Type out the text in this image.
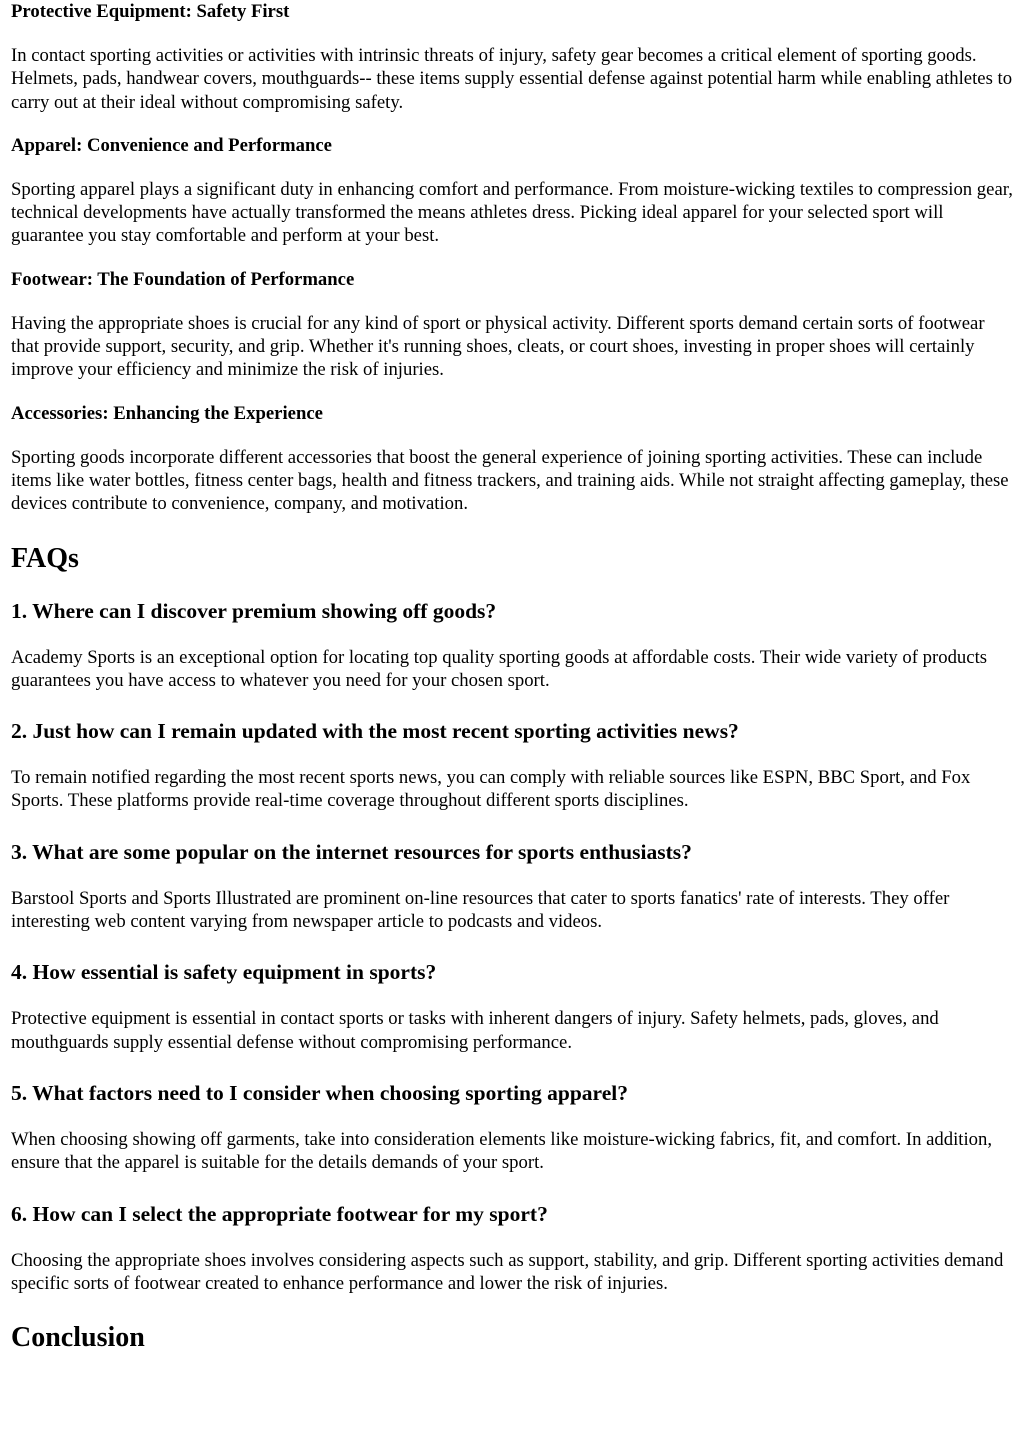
Protective Equipment: Safety First

In contact sporting activities or activities with intrinsic threats of injury, safety gear becomes a critical element of sporting goods. Helmets, pads, handwear covers, mouthguards-- these items supply essential defense against potential harm while enabling athletes to carry out at their ideal without compromising safety.

Apparel: Convenience and Performance

Sporting apparel plays a significant duty in enhancing comfort and performance. From moisture-wicking textiles to compression gear, technical developments have actually transformed the means athletes dress. Picking ideal apparel for your selected sport will guarantee you stay comfortable and perform at your best.

Footwear: The Foundation of Performance

Having the appropriate shoes is crucial for any kind of sport or physical activity. Different sports demand certain sorts of footwear that provide support, security, and grip. Whether it's running shoes, cleats, or court shoes, investing in proper shoes will certainly improve your efficiency and minimize the risk of injuries.

Accessories: Enhancing the Experience

Sporting goods incorporate different accessories that boost the general experience of joining sporting activities. These can include items like water bottles, fitness center bags, health and fitness trackers, and training aids. While not straight affecting gameplay, these devices contribute to convenience, company, and motivation.

FAQs
1. Where can I discover premium showing off goods?

Academy Sports is an exceptional option for locating top quality sporting goods at affordable costs. Their wide variety of products guarantees you have access to whatever you need for your chosen sport.

2. Just how can I remain updated with the most recent sporting activities news?

To remain notified regarding the most recent sports news, you can comply with reliable sources like ESPN, BBC Sport, and Fox Sports. These platforms provide real-time coverage throughout different sports disciplines.

3. What are some popular on the internet resources for sports enthusiasts?

Barstool Sports and Sports Illustrated are prominent on-line resources that cater to sports fanatics' rate of interests. They offer interesting web content varying from newspaper article to podcasts and videos.

4. How essential is safety equipment in sports?

Protective equipment is essential in contact sports or tasks with inherent dangers of injury. Safety helmets, pads, gloves, and mouthguards supply essential defense without compromising performance.

5. What factors need to I consider when choosing sporting apparel?

When choosing showing off garments, take into consideration elements like moisture-wicking fabrics, fit, and comfort. In addition, ensure that the apparel is suitable for the details demands of your sport.

6. How can I select the appropriate footwear for my sport?

Choosing the appropriate shoes involves considering aspects such as support, stability, and grip. Different sporting activities demand specific sorts of footwear created to enhance performance and lower the risk of injuries.

Conclusion
